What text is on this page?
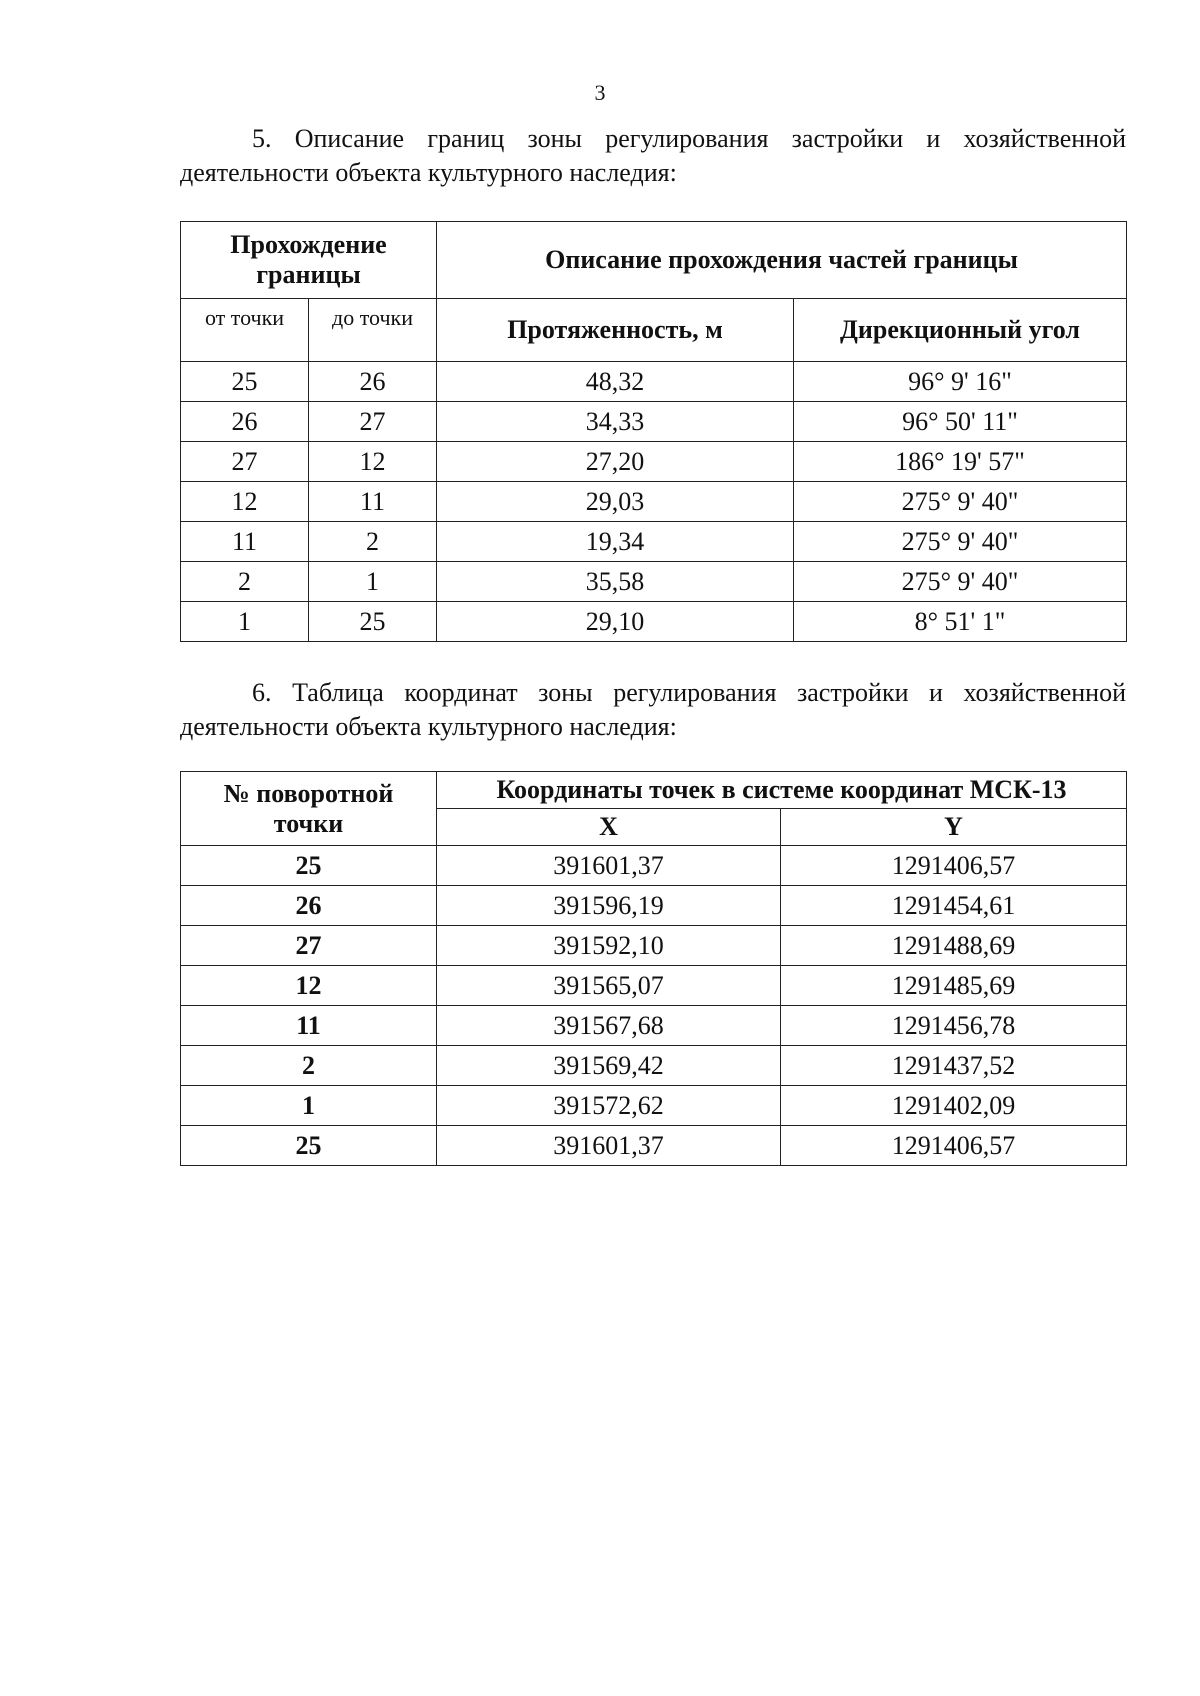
3

5. Описание границ зоны регулирования застройки и хозяйственной
деятельности объекта культурного наследия:

Прохождение границы		Описание прохождения частей границы	
от точки	до точки	Протяженность, м	Дирекционный угол
25	26	48,32	96° 9' 16"
26	27	34,33	96° 50' 11"
27	12	27,20	186° 19' 57"
12	11	29,03	275° 9' 40"
11	2	19,34	275° 9' 40"
2	1	35,58	275° 9' 40"
1	25	29,10	8° 51' 1"

6. Таблица координат зоны регулирования застройки и хозяйственной
деятельности объекта культурного наследия:

№ поворотной точки	Координаты точек в системе координат МСК-13	
	X	Y
25	391601,37	1291406,57
26	391596,19	1291454,61
27	391592,10	1291488,69
12	391565,07	1291485,69
11	391567,68	1291456,78
2	391569,42	1291437,52
1	391572,62	1291402,09
25	391601,37	1291406,57
